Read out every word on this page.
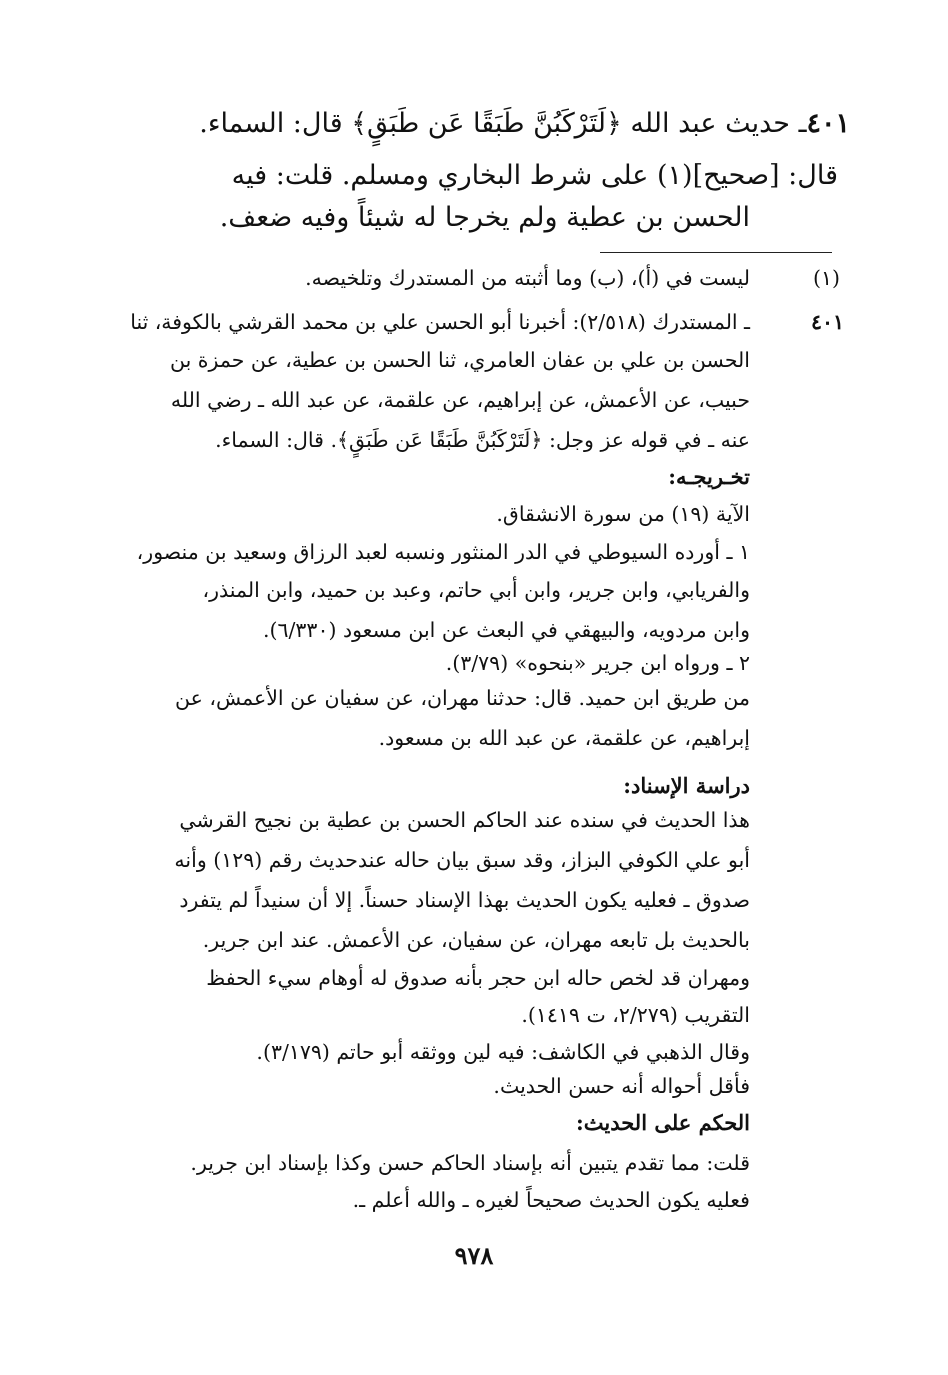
٤٠١ـ حديث عبد الله ﴿لَتَرْكَبُنَّ طَبَقًا عَن طَبَقٍ﴾ قال: السماء.
قال: [صحيح](١) على شرط البخاري ومسلم. قلت: فيه
الحسن بن عطية ولم يخرجا له شيئاً وفيه ضعف.
(١)
ليست في (أ)، (ب) وما أثبته من المستدرك وتلخيصه.
٤٠١
ـ المستدرك (٢/٥١٨): أخبرنا أبو الحسن علي بن محمد القرشي بالكوفة، ثنا
الحسن بن علي بن عفان العامري، ثنا الحسن بن عطية، عن حمزة بن
حبيب، عن الأعمش، عن إبراهيم، عن علقمة، عن عبد الله ـ رضي الله
عنه ـ في قوله عز وجل: ﴿لَتَرْكَبُنَّ طَبَقًا عَن طَبَقٍ﴾. قال: السماء.
تخـريجـه:
الآية (١٩) من سورة الانشقاق.
١ ـ أورده السيوطي في الدر المنثور ونسبه لعبد الرزاق وسعيد بن منصور،
والفريابي، وابن جرير، وابن أبي حاتم، وعبد بن حميد، وابن المنذر،
وابن مردويه، والبيهقي في البعث عن ابن مسعود (٦/٣٣٠).
٢ ـ ورواه ابن جرير «بنحوه» (٣/٧٩).
من طريق ابن حميد. قال: حدثنا مهران، عن سفيان عن الأعمش، عن
إبراهيم، عن علقمة، عن عبد الله بن مسعود.
دراسة الإسناد:
هذا الحديث في سنده عند الحاكم الحسن بن عطية بن نجيح القرشي
أبو علي الكوفي البزاز، وقد سبق بيان حاله عندحديث رقم (١٢٩) وأنه
صدوق ـ فعليه يكون الحديث بهذا الإسناد حسناً. إلا أن سنيداً لم يتفرد
بالحديث بل تابعه مهران، عن سفيان، عن الأعمش. عند ابن جرير.
ومهران قد لخص حاله ابن حجر بأنه صدوق له أوهام سيء الحفظ
التقريب (٢/٢٧٩، ت ١٤١٩).
وقال الذهبي في الكاشف: فيه لين ووثقه أبو حاتم (٣/١٧٩).
فأقل أحواله أنه حسن الحديث.
الحكم على الحديث:
قلت: مما تقدم يتبين أنه بإسناد الحاكم حسن وكذا بإسناد ابن جرير.
فعليه يكون الحديث صحيحاً لغيره ـ والله أعلم ـ.
٩٧٨
